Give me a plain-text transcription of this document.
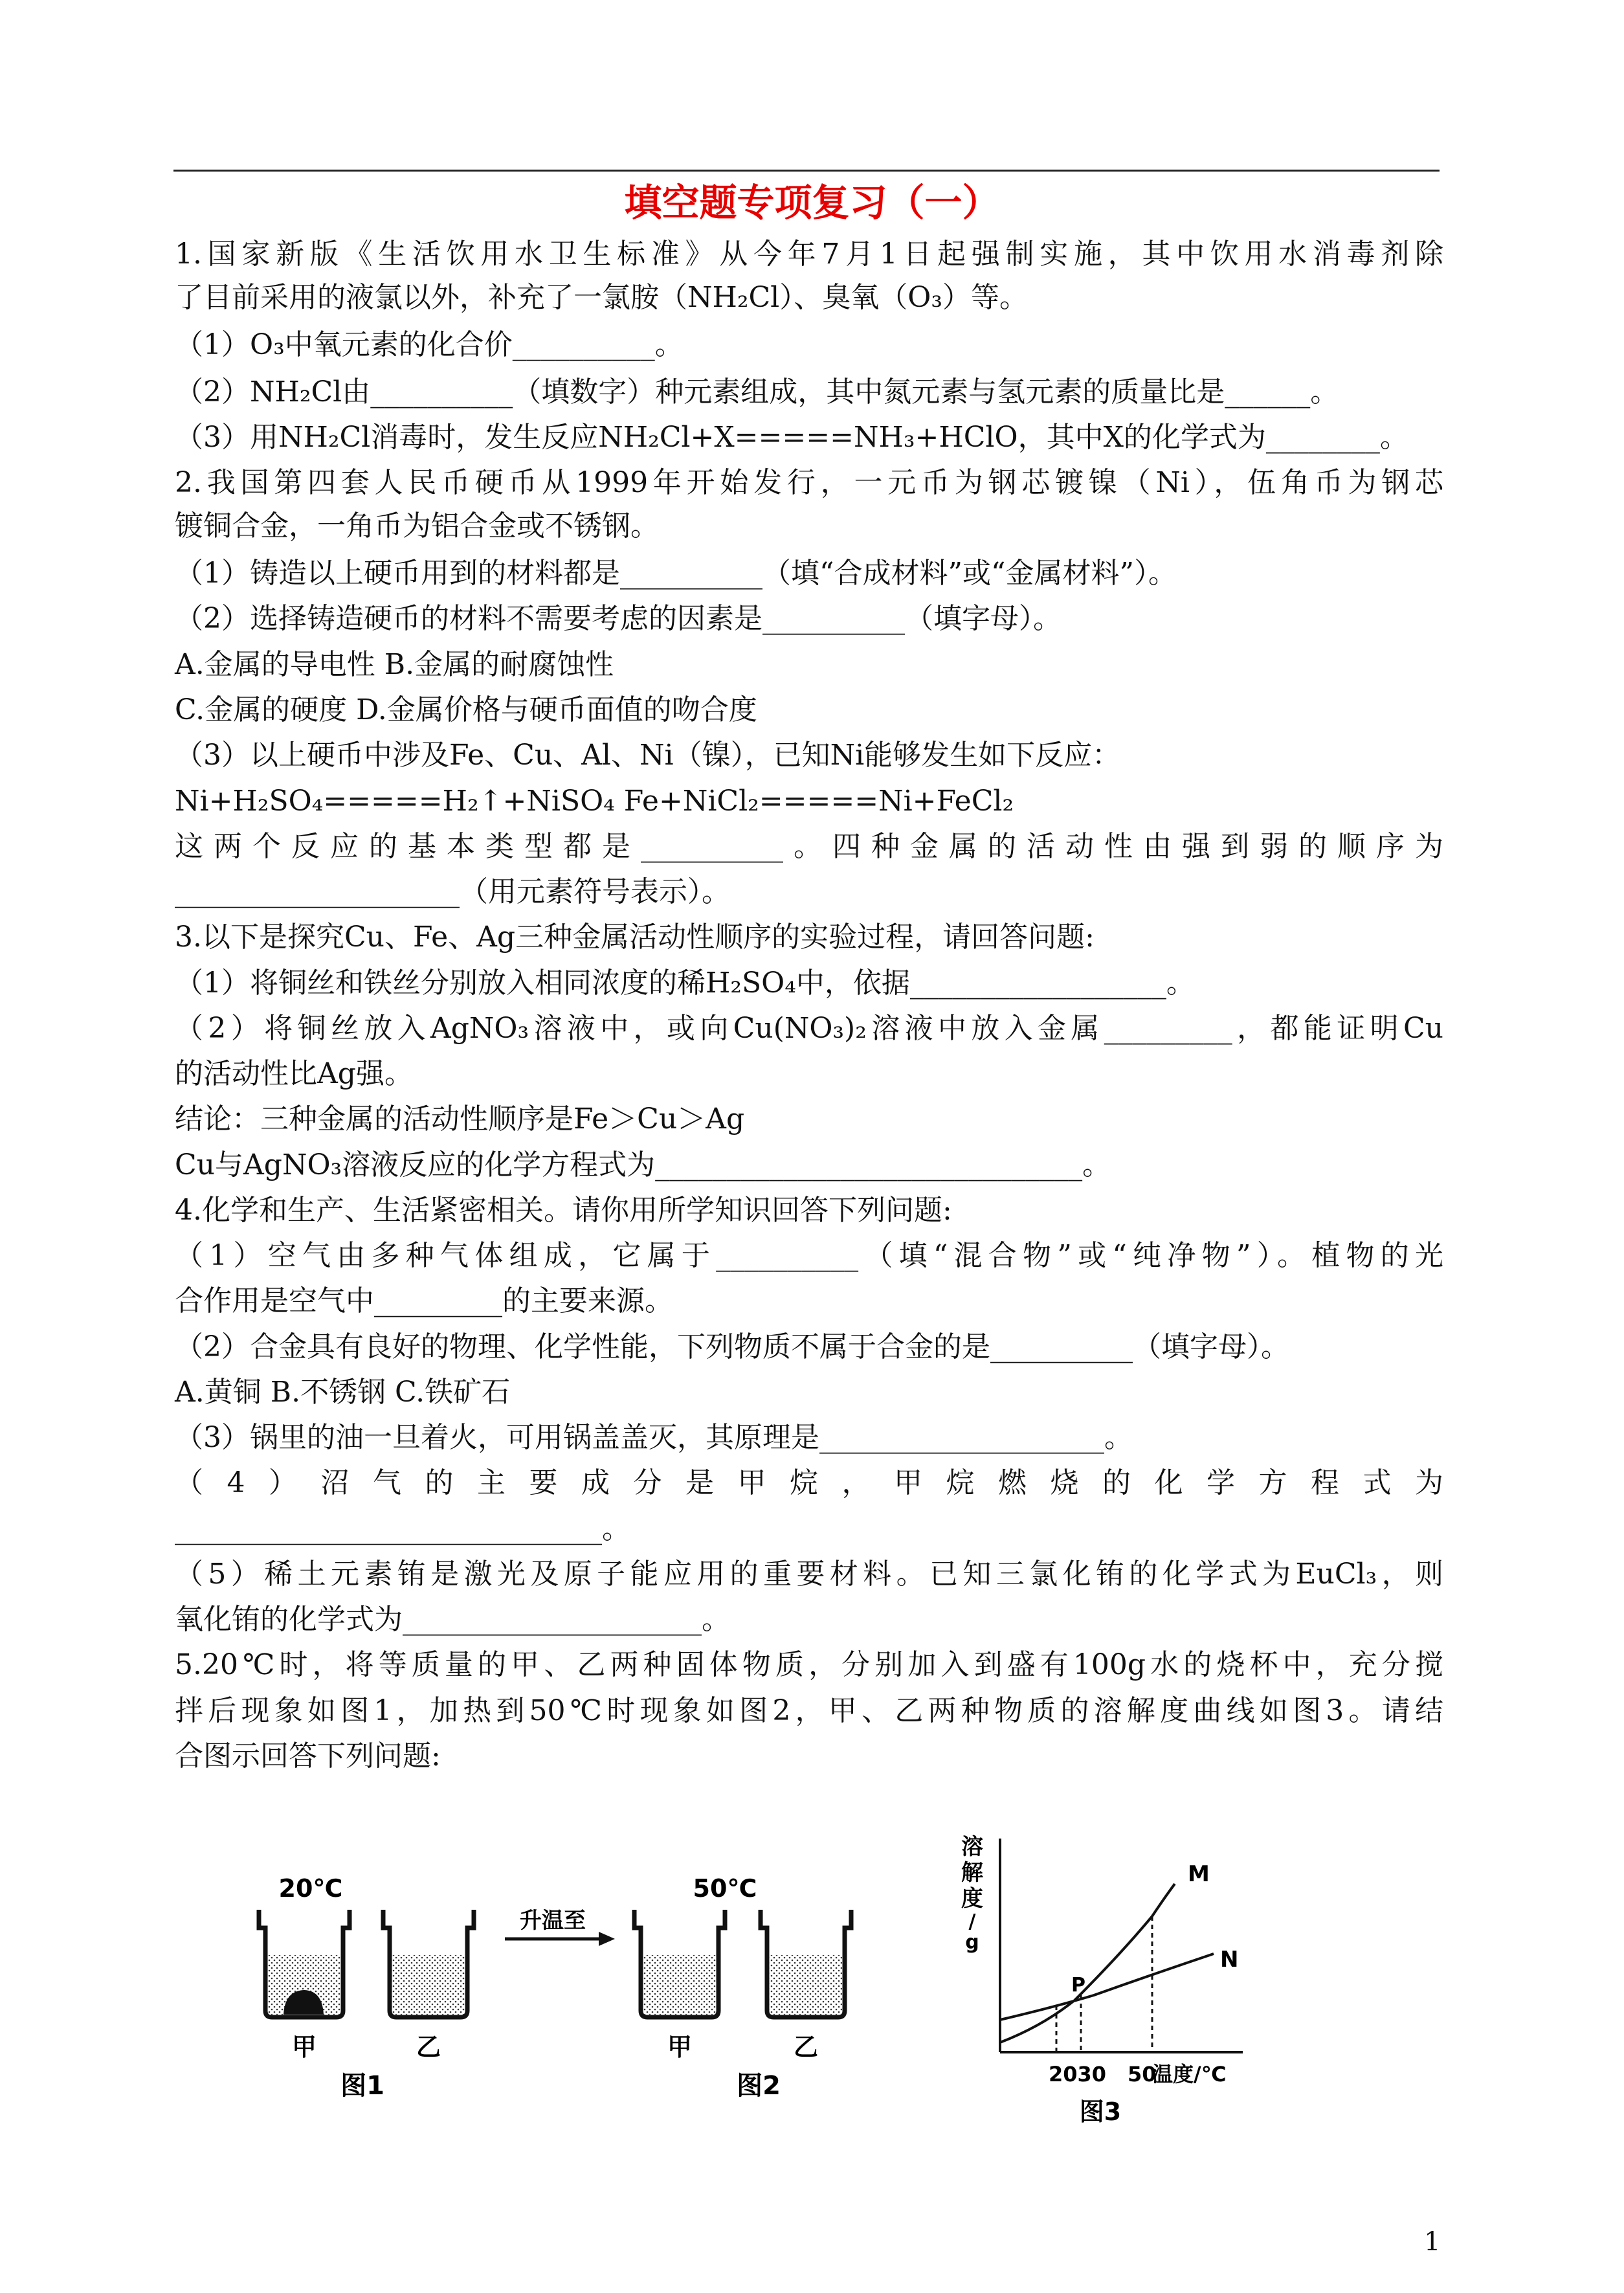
填空题专项复习（一）
1.国家新版《生活饮用水卫生标准》从今年7月1日起强制实施，其中饮用水消毒剂除
了目前采用的液氯以外，补充了一氯胺（NH₂Cl）、臭氧（O₃）等。
（1）O₃中氧元素的化合价__________。
（2）NH₂Cl由__________（填数字）种元素组成，其中氮元素与氢元素的质量比是______。
（3）用NH₂Cl消毒时，发生反应NH₂Cl+X=====NH₃+HClO，其中X的化学式为________。
2.我国第四套人民币硬币从1999年开始发行，一元币为钢芯镀镍（Ni），伍角币为钢芯
镀铜合金，一角币为铝合金或不锈钢。
（1）铸造以上硬币用到的材料都是__________（填“合成材料”或“金属材料”）。
（2）选择铸造硬币的材料不需要考虑的因素是__________（填字母）。
A.金属的导电性 B.金属的耐腐蚀性
C.金属的硬度 D.金属价格与硬币面值的吻合度
（3）以上硬币中涉及Fe、Cu、Al、Ni（镍），已知Ni能够发生如下反应：
Ni+H₂SO₄=====H₂↑+NiSO₄ Fe+NiCl₂=====Ni+FeCl₂
这两个反应的基本类型都是__________。四种金属的活动性由强到弱的顺序为
____________________（用元素符号表示）。
3.以下是探究Cu、Fe、Ag三种金属活动性顺序的实验过程，请回答问题:
（1）将铜丝和铁丝分别放入相同浓度的稀H₂SO₄中，依据__________________。
（2）将铜丝放入AgNO₃溶液中，或向Cu(NO₃)₂溶液中放入金属_________，都能证明Cu
的活动性比Ag强。
结论：三种金属的活动性顺序是Fe＞Cu＞Ag
Cu与AgNO₃溶液反应的化学方程式为______________________________。
4.化学和生产、生活紧密相关。请你用所学知识回答下列问题:
（1）空气由多种气体组成，它属于__________（填“混合物”或“纯净物”）。植物的光
合作用是空气中_________的主要来源。
（2）合金具有良好的物理、化学性能，下列物质不属于合金的是__________（填字母）。
A.黄铜 B.不锈钢 C.铁矿石
（3）锅里的油一旦着火，可用锅盖盖灭，其原理是____________________。
（4）沼气的主要成分是甲烷，甲烷燃烧的化学方程式为
______________________________。
（5）稀土元素铕是激光及原子能应用的重要材料。已知三氯化铕的化学式为EuCl₃，则
氧化铕的化学式为_____________________。
5.20℃时，将等质量的甲、乙两种固体物质，分别加入到盛有100g水的烧杯中，充分搅
拌后现象如图1，加热到50℃时现象如图2，甲、乙两种物质的溶解度曲线如图3。请结
合图示回答下列问题:
20℃	50℃
升温至
甲	乙	甲	乙
图1	图2
溶
解
度
/
g
M
N
P
2030 50
温度/℃
图3
1
